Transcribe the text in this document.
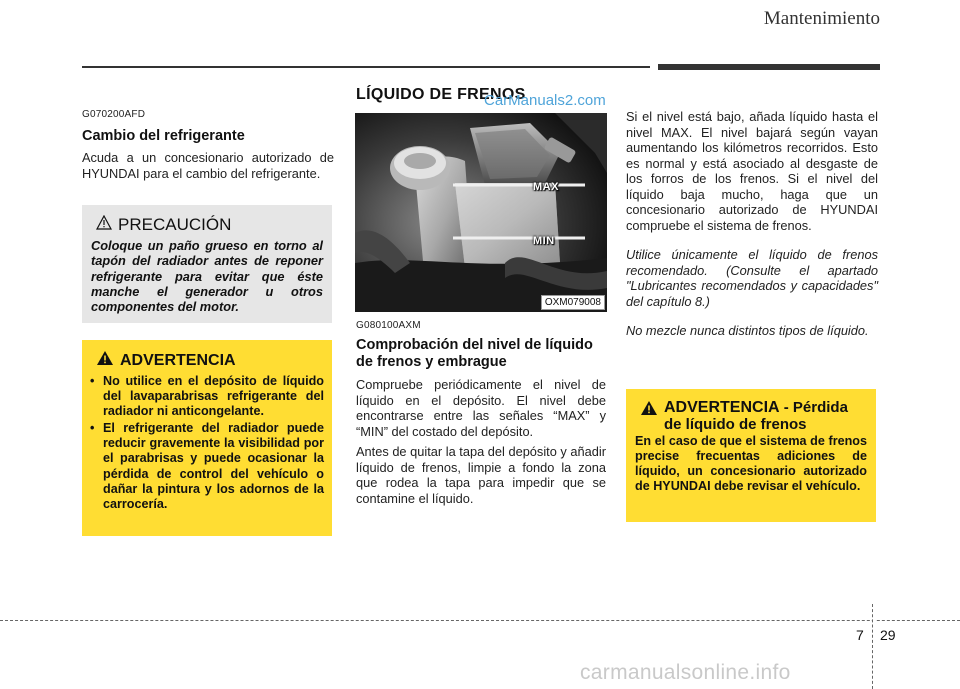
Mantenimiento
G070200AFD
Cambio del refrigerante
Acuda a un concesionario autorizado de HYUNDAI para el cambio del refrigerante.
PRECAUCIÓN
Coloque un paño grueso en torno al tapón del radiador antes de reponer refrigerante para evitar que éste manche el generador u otros componentes del motor.
ADVERTENCIA
• No utilice en el depósito de líquido del lavaparabrisas refrigerante del radiador ni anticongelante.
• El refrigerante del radiador puede reducir gravemente la visibilidad por el parabrisas y puede ocasionar la pérdida de control del vehículo o dañar la pintura y los adornos de la carrocería.
LÍQUIDO DE FRENOS
CarManuals2.com
MAX
MIN
OXM079008
G080100AXM
Comprobación del nivel de líquido de frenos y embrague
Compruebe periódicamente el nivel de líquido en el depósito. El nivel debe encontrarse entre las señales “MAX” y “MIN” del costado del depósito.
Antes de quitar la tapa del depósito y añadir líquido de frenos, limpie a fondo la zona que rodea la tapa para impedir que se contamine el líquido.
Si el nivel está bajo, añada líquido hasta el nivel MAX. El nivel bajará según vayan aumentando los kilómetros recorridos. Esto es normal y está asociado al desgaste de los forros de los frenos. Si el nivel del líquido baja mucho, haga que un concesionario autorizado de HYUNDAI compruebe el sistema de frenos.
Utilice únicamente el líquido de frenos recomendado. (Consulte el apartado "Lubricantes recomendados y capacidades" del capítulo 8.)
No mezcle nunca distintos tipos de líquido.
ADVERTENCIA - Pérdida
de líquido de frenos
En el caso de que el sistema de frenos precise frecuentas adiciones de líquido, un concesionario autorizado de HYUNDAI debe revisar el vehículo.
7 29
carmanualsonline.info
